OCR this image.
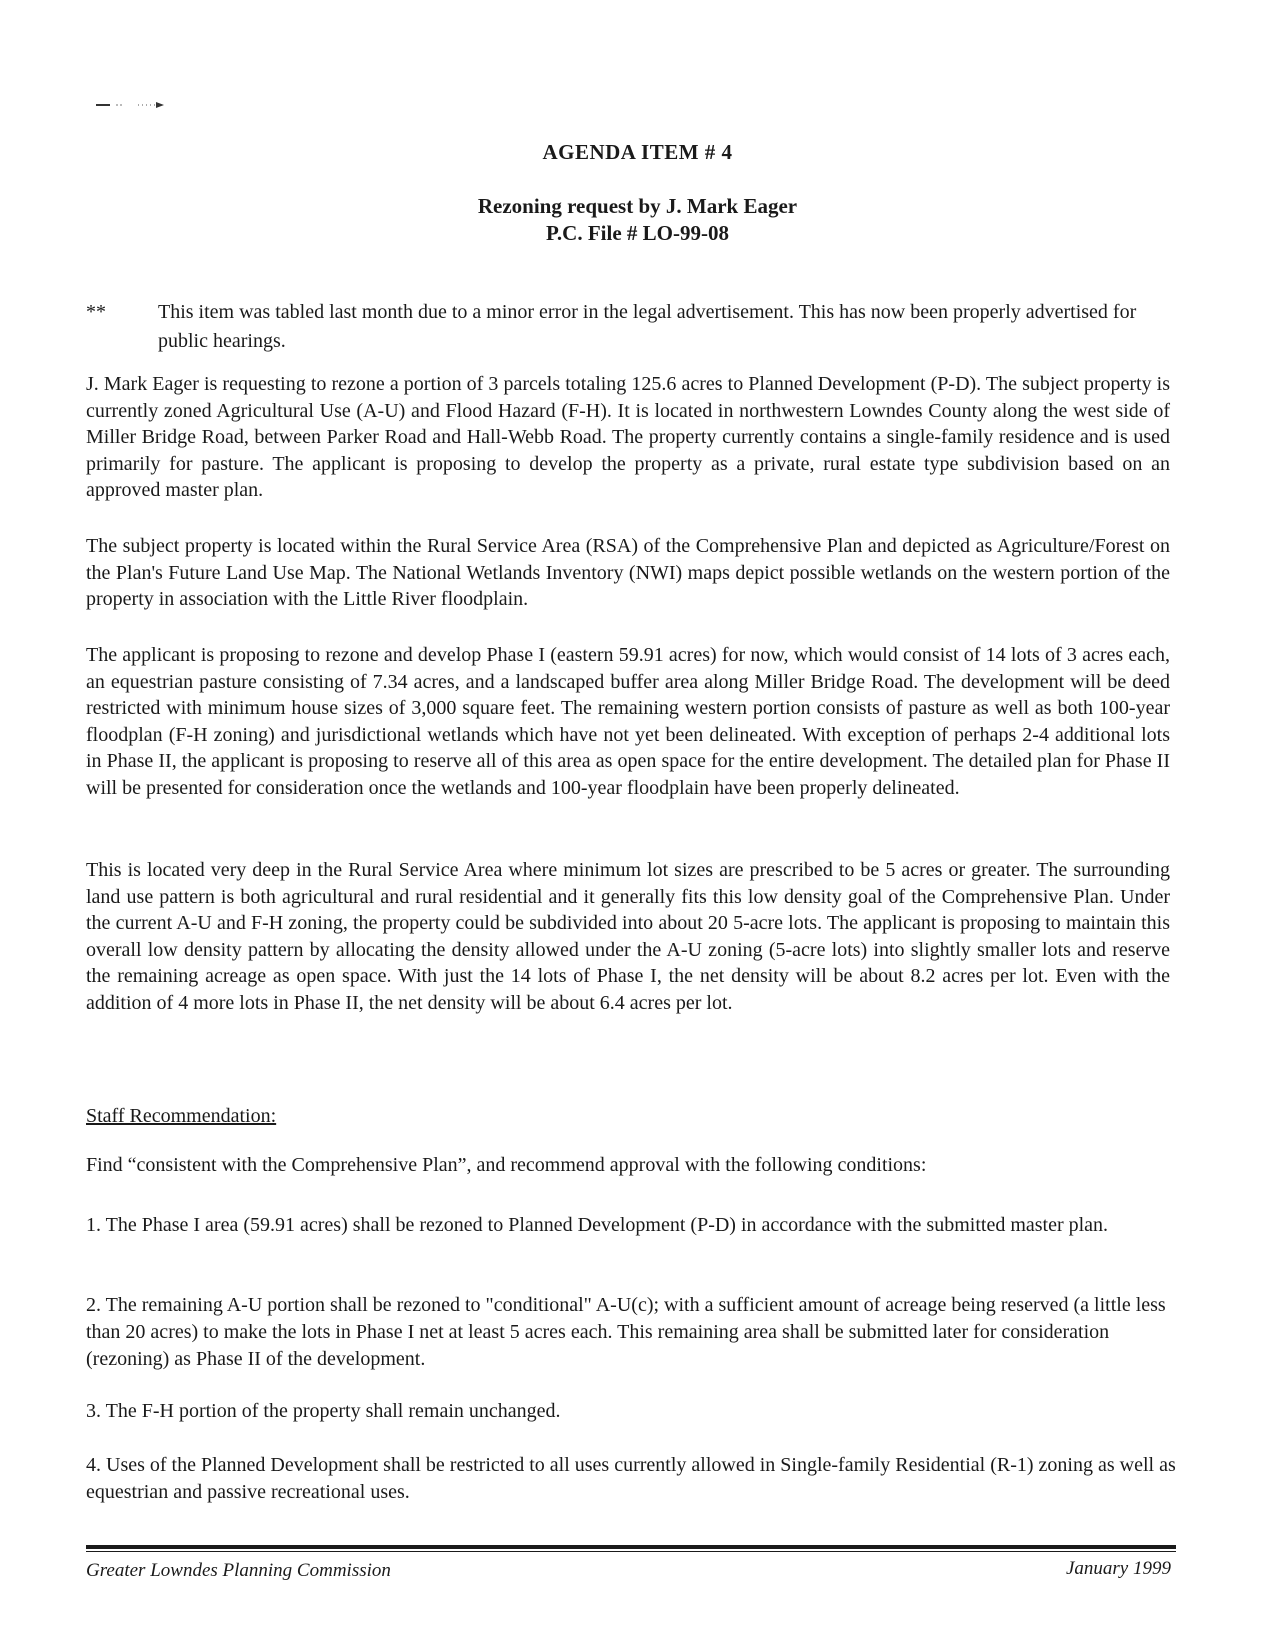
AGENDA ITEM # 4

Rezoning request by J. Mark Eager

P.C. File # LO-99-08

**	This item was tabled last month due to a minor error in the legal advertisement. This has now been properly advertised for public hearings.

J. Mark Eager is requesting to rezone a portion of 3 parcels totaling 125.6 acres to Planned Development (P-D). The subject property is currently zoned Agricultural Use (A-U) and Flood Hazard (F-H). It is located in northwestern Lowndes County along the west side of Miller Bridge Road, between Parker Road and Hall-Webb Road. The property currently contains a single-family residence and is used primarily for pasture. The applicant is proposing to develop the property as a private, rural estate type subdivision based on an approved master plan.

The subject property is located within the Rural Service Area (RSA) of the Comprehensive Plan and depicted as Agriculture/Forest on the Plan's Future Land Use Map. The National Wetlands Inventory (NWI) maps depict possible wetlands on the western portion of the property in association with the Little River floodplain.

The applicant is proposing to rezone and develop Phase I (eastern 59.91 acres) for now, which would consist of 14 lots of 3 acres each, an equestrian pasture consisting of 7.34 acres, and a landscaped buffer area along Miller Bridge Road. The development will be deed restricted with minimum house sizes of 3,000 square feet. The remaining western portion consists of pasture as well as both 100-year floodplan (F-H zoning) and jurisdictional wetlands which have not yet been delineated. With exception of perhaps 2-4 additional lots in Phase II, the applicant is proposing to reserve all of this area as open space for the entire development. The detailed plan for Phase II will be presented for consideration once the wetlands and 100-year floodplain have been properly delineated.

This is located very deep in the Rural Service Area where minimum lot sizes are prescribed to be 5 acres or greater. The surrounding land use pattern is both agricultural and rural residential and it generally fits this low density goal of the Comprehensive Plan. Under the current A-U and F-H zoning, the property could be subdivided into about 20 5-acre lots. The applicant is proposing to maintain this overall low density pattern by allocating the density allowed under the A-U zoning (5-acre lots) into slightly smaller lots and reserve the remaining acreage as open space. With just the 14 lots of Phase I, the net density will be about 8.2 acres per lot. Even with the addition of 4 more lots in Phase II, the net density will be about 6.4 acres per lot.

Staff Recommendation:

Find “consistent with the Comprehensive Plan”, and recommend approval with the following conditions:

1. The Phase I area (59.91 acres) shall be rezoned to Planned Development (P-D) in accordance with the submitted master plan.

2. The remaining A-U portion shall be rezoned to "conditional" A-U(c); with a sufficient amount of acreage being reserved (a little less than 20 acres) to make the lots in Phase I net at least 5 acres each. This remaining area shall be submitted later for consideration (rezoning) as Phase II of the development.

3. The F-H portion of the property shall remain unchanged.

4. Uses of the Planned Development shall be restricted to all uses currently allowed in Single-family Residential (R-1) zoning as well as equestrian and passive recreational uses.

Greater Lowndes Planning Commission	January 1999
